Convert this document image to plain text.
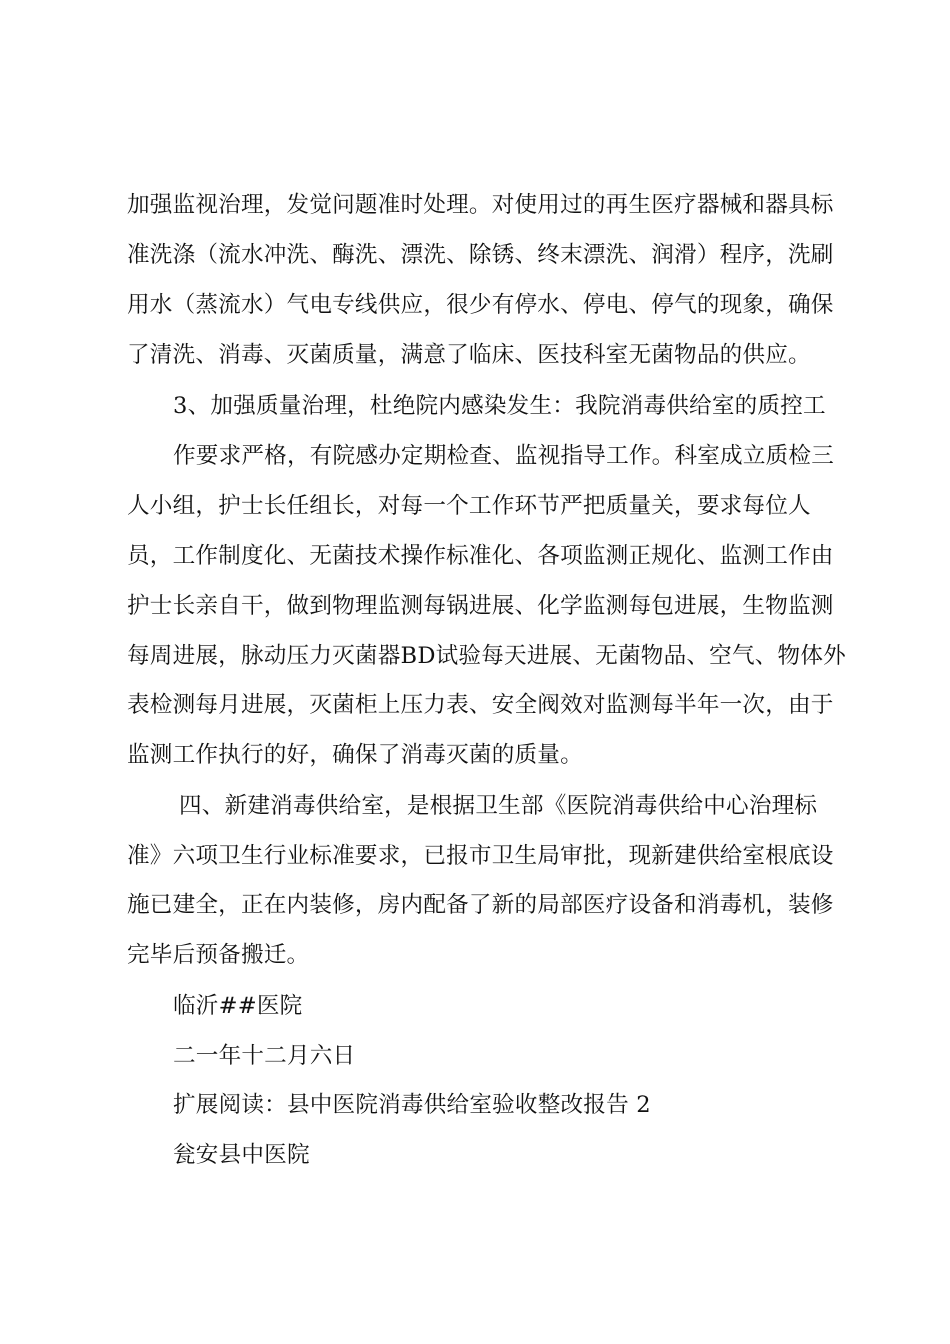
加强监视治理，发觉问题准时处理。对使用过的再生医疗器械和器具标
准洗涤（流水冲洗、酶洗、漂洗、除锈、终末漂洗、润滑）程序，洗刷
用水（蒸流水）气电专线供应，很少有停水、停电、停气的现象，确保
了清洗、消毒、灭菌质量，满意了临床、医技科室无菌物品的供应。
3、加强质量治理，杜绝院内感染发生：我院消毒供给室的质控工
作要求严格，有院感办定期检查、监视指导工作。科室成立质检三
人小组，护士长任组长，对每一个工作环节严把质量关，要求每位人
员，工作制度化、无菌技术操作标准化、各项监测正规化、监测工作由
护士长亲自干，做到物理监测每锅进展、化学监测每包进展，生物监测
每周进展，脉动压力灭菌器BD试验每天进展、无菌物品、空气、物体外
表检测每月进展，灭菌柜上压力表、安全阀效对监测每半年一次，由于
监测工作执行的好，确保了消毒灭菌的质量。
四、新建消毒供给室，是根据卫生部《医院消毒供给中心治理标
准》六项卫生行业标准要求，已报市卫生局审批，现新建供给室根底设
施已建全，正在内装修，房内配备了新的局部医疗设备和消毒机，装修
完毕后预备搬迁。
临沂##医院
二一年十二月六日
扩展阅读：县中医院消毒供给室验收整改报告 2
瓮安县中医院
